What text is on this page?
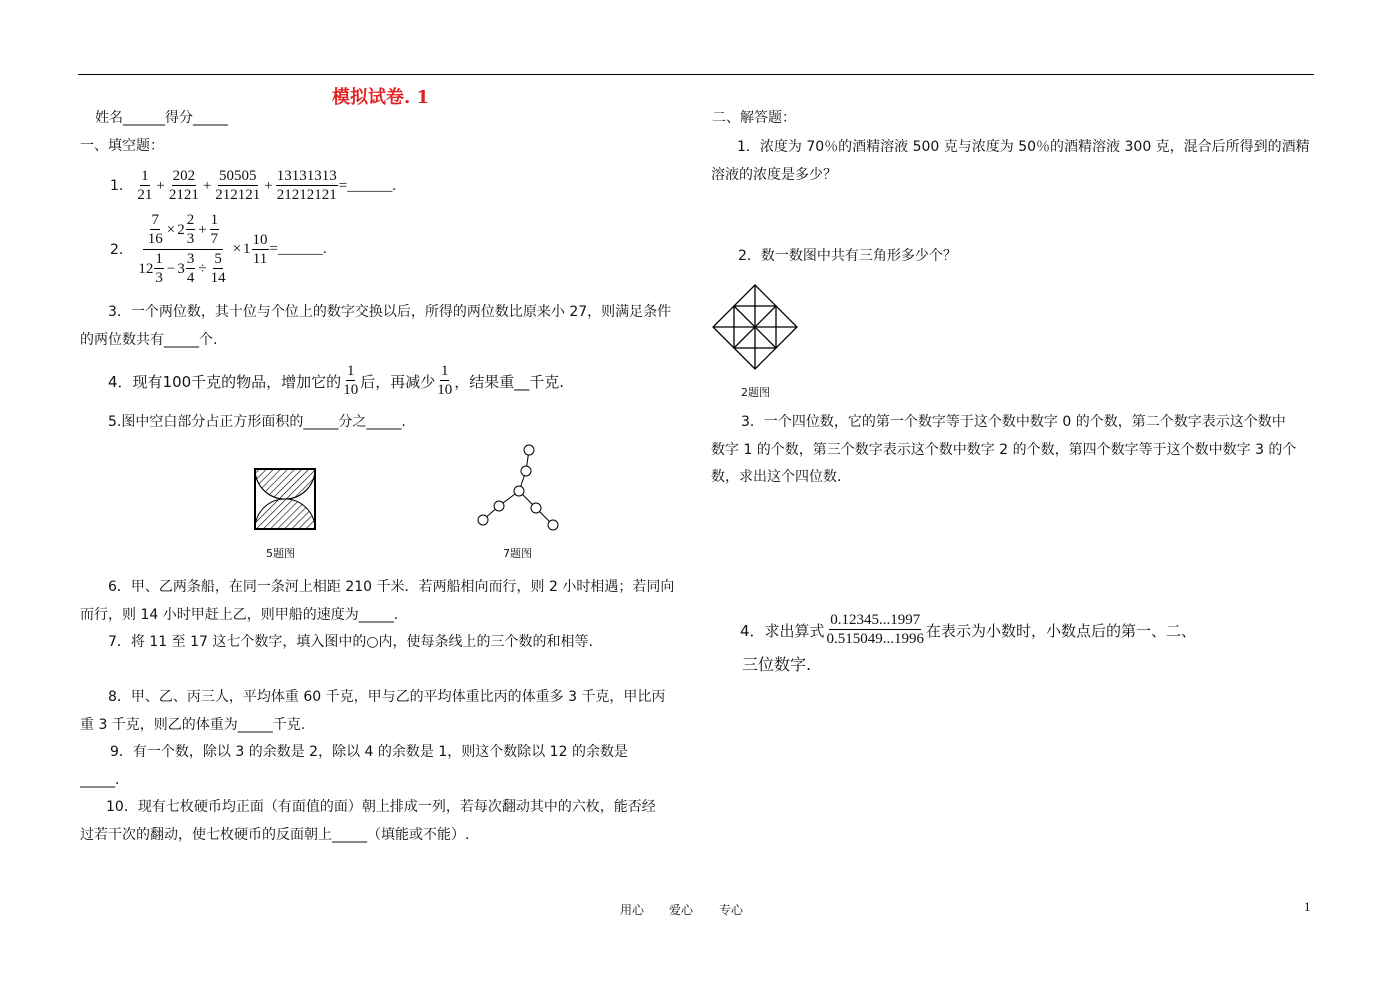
模拟试卷. 1
姓名______得分_____
一、填空题：
1. $\frac{1}{21} + \frac{202}{2121} + \frac{50505}{212121} + \frac{13131313}{21212121}$ =______.
2. $\frac{\frac{7}{16} \times 2 \frac{2}{3} + \frac{1}{7}}{12 \frac{1}{3} - 3 \frac{3}{4} \div \frac{5}{14}} \times 1 \frac{10}{11}$ =______.
3．一个两位数，其十位与个位上的数字交换以后，所得的两位数比原来小 27，则满足条件
的两位数共有_____个.
4．现有100千克的物品，增加它的 $\frac{1}{10}$ 后，再减少 $\frac{1}{10}$ ，结果重__千克.
5.图中空白部分占正方形面积的_____分之_____.
5题图	7题图
6．甲、乙两条船，在同一条河上相距 210 千米．若两船相向而行，则 2 小时相遇；若同向
而行，则 14 小时甲赶上乙，则甲船的速度为_____.
7．将 11 至 17 这七个数字，填入图中的○内，使每条线上的三个数的和相等.
8．甲、乙、丙三人，平均体重 60 千克，甲与乙的平均体重比丙的体重多 3 千克，甲比丙
重 3 千克，则乙的体重为_____千克.
9．有一个数，除以 3 的余数是 2，除以 4 的余数是 1，则这个数除以 12 的余数是
_____.
10．现有七枚硬币均正面（有面值的面）朝上排成一列，若每次翻动其中的六枚，能否经
过若干次的翻动，使七枚硬币的反面朝上_____（填能或不能）.
二、解答题：
1．浓度为 70％的酒精溶液 500 克与浓度为 50％的酒精溶液 300 克，混合后所得到的酒精
溶液的浓度是多少？
2．数一数图中共有三角形多少个？
2题图
3．一个四位数，它的第一个数字等于这个数中数字 0 的个数，第二个数字表示这个数中
数字 1 的个数，第三个数字表示这个数中数字 2 的个数，第四个数字等于这个数中数字 3 的个
数，求出这个四位数.
4．求出算式 $\frac{0.12345...1997}{0.515049...1996}$ 在表示为小数时，小数点后的第一、二、
三位数字.
用心 爱心 专心	1
